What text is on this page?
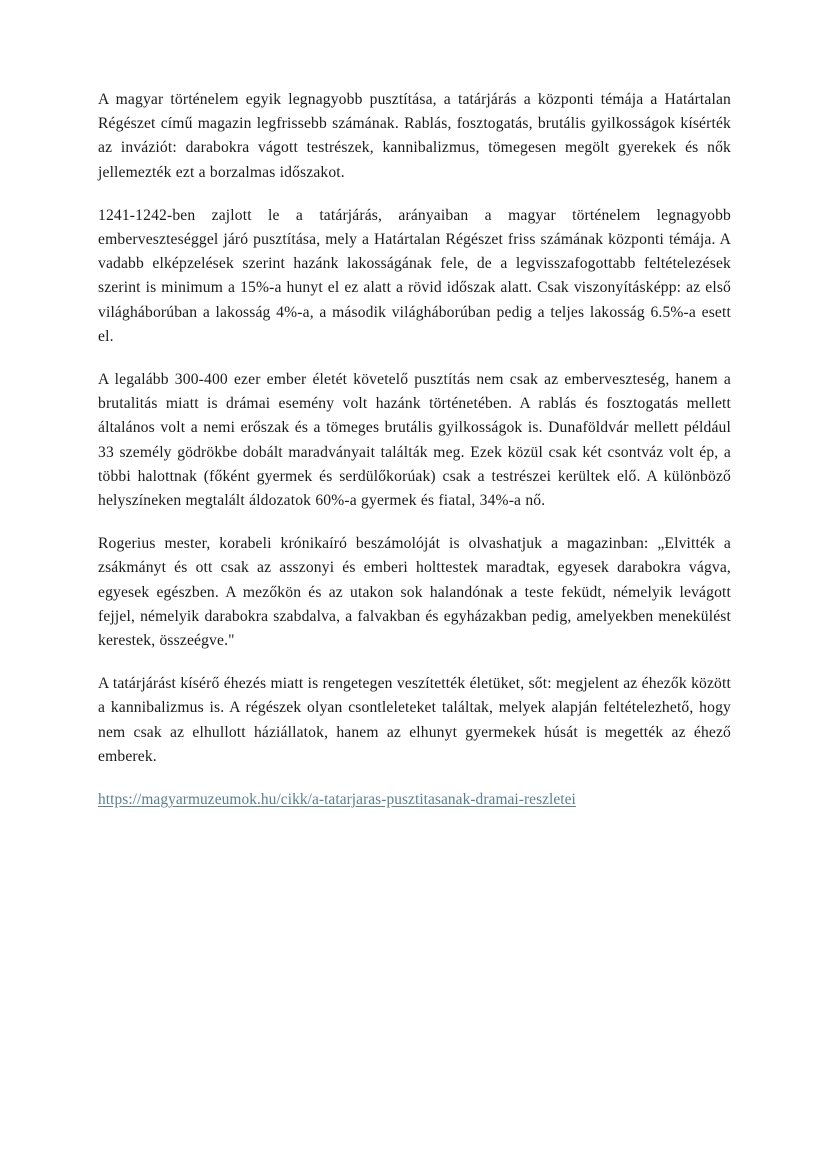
A magyar történelem egyik legnagyobb pusztítása, a tatárjárás a központi témája a Határtalan Régészet című magazin legfrissebb számának. Rablás, fosztogatás, brutális gyilkosságok kísérték az inváziót: darabokra vágott testrészek, kannibalizmus, tömegesen megölt gyerekek és nők jellemezték ezt a borzalmas időszakot.

1241-1242-ben zajlott le a tatárjárás, arányaiban a magyar történelem legnagyobb emberveszteséggel járó pusztítása, mely a Határtalan Régészet friss számának központi témája. A vadabb elképzelések szerint hazánk lakosságának fele, de a legvisszafogottabb feltételezések szerint is minimum a 15%-a hunyt el ez alatt a rövid időszak alatt. Csak viszonyításképp: az első világháborúban a lakosság 4%-a, a második világháborúban pedig a teljes lakosság 6.5%-a esett el.

A legalább 300-400 ezer ember életét követelő pusztítás nem csak az emberveszteség, hanem a brutalitás miatt is drámai esemény volt hazánk történetében. A rablás és fosztogatás mellett általános volt a nemi erőszak és a tömeges brutális gyilkosságok is. Dunaföldvár mellett például 33 személy gödrökbe dobált maradványait találták meg. Ezek közül csak két csontváz volt ép, a többi halottnak (főként gyermek és serdülőkorúak) csak a testrészei kerültek elő. A különböző helyszíneken megtalált áldozatok 60%-a gyermek és fiatal, 34%-a nő.

Rogerius mester, korabeli krónikaíró beszámolóját is olvashatjuk a magazinban: „Elvitték a zsákmányt és ott csak az asszonyi és emberi holttestek maradtak, egyesek darabokra vágva, egyesek egészben. A mezőkön és az utakon sok halandónak a teste feküdt, némelyik levágott fejjel, némelyik darabokra szabdalva, a falvakban és egyházakban pedig, amelyekben menekülést kerestek, összeégve."

A tatárjárást kísérő éhezés miatt is rengetegen veszítették életüket, sőt: megjelent az éhezők között a kannibalizmus is. A régészek olyan csontleleteket találtak, melyek alapján feltételezhető, hogy nem csak az elhullott háziállatok, hanem az elhunyt gyermekek húsát is megették az éhező emberek.

https://magyarmuzeumok.hu/cikk/a-tatarjaras-pusztitasanak-dramai-reszletei
